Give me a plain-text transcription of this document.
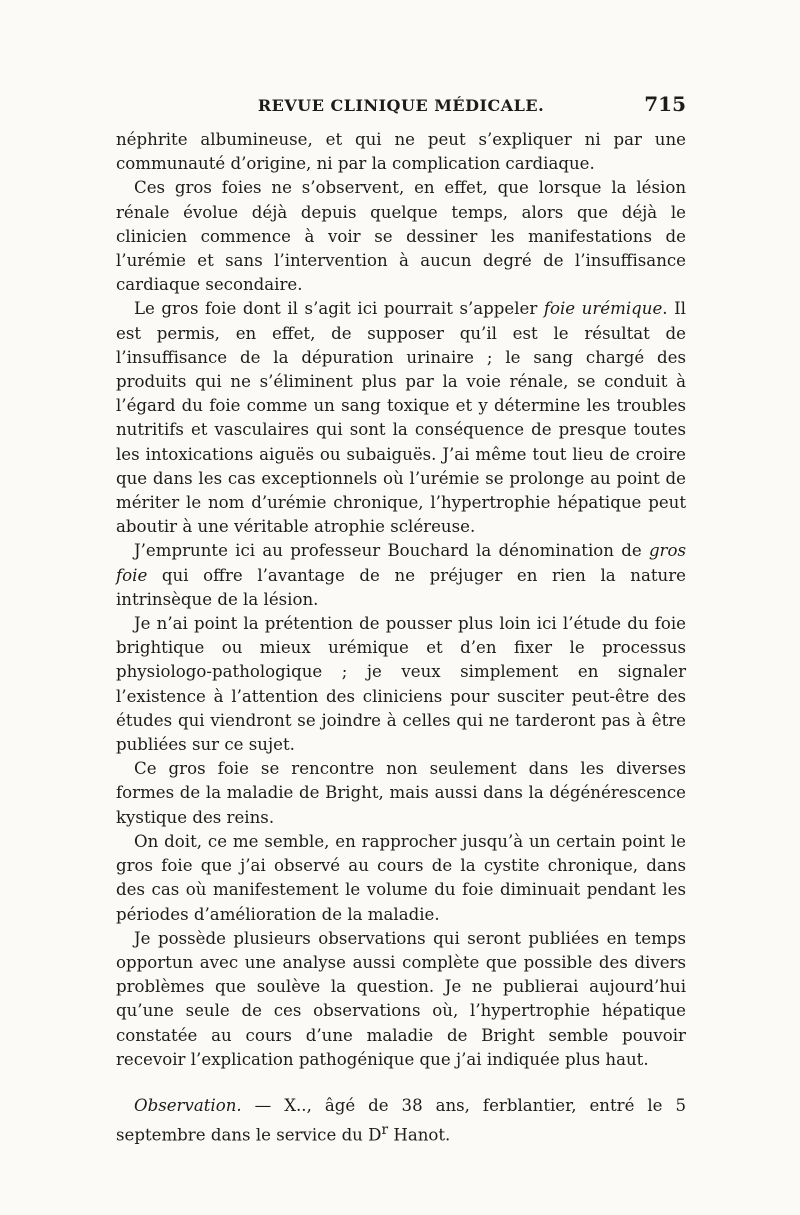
REVUE CLINIQUE MÉDICALE.	715

néphrite albumineuse, et qui ne peut s’expliquer ni par une communauté d’origine, ni par la complication cardiaque.

Ces gros foies ne s’observent, en effet, que lorsque la lésion rénale évolue déjà depuis quelque temps, alors que déjà le clinicien commence à voir se dessiner les manifestations de l’urémie et sans l’intervention à aucun degré de l’insuffisance cardiaque secondaire.

Le gros foie dont il s’agit ici pourrait s’appeler foie urémique. Il est permis, en effet, de supposer qu’il est le résultat de l’insuffisance de la dépuration urinaire ; le sang chargé des produits qui ne s’éliminent plus par la voie rénale, se conduit à l’égard du foie comme un sang toxique et y détermine les troubles nutritifs et vasculaires qui sont la conséquence de presque toutes les intoxications aiguës ou subaiguës. J’ai même tout lieu de croire que dans les cas exceptionnels où l’urémie se prolonge au point de mériter le nom d’urémie chronique, l’hypertrophie hépatique peut aboutir à une véritable atrophie scléreuse.

J’emprunte ici au professeur Bouchard la dénomination de gros foie qui offre l’avantage de ne préjuger en rien la nature intrinsèque de la lésion.

Je n’ai point la prétention de pousser plus loin ici l’étude du foie brightique ou mieux urémique et d’en fixer le processus physiologo-pathologique ; je veux simplement en signaler l’existence à l’attention des cliniciens pour susciter peut-être des études qui viendront se joindre à celles qui ne tarderont pas à être publiées sur ce sujet.

Ce gros foie se rencontre non seulement dans les diverses formes de la maladie de Bright, mais aussi dans la dégénérescence kystique des reins.

On doit, ce me semble, en rapprocher jusqu’à un certain point le gros foie que j’ai observé au cours de la cystite chronique, dans des cas où manifestement le volume du foie diminuait pendant les périodes d’amélioration de la maladie.

Je possède plusieurs observations qui seront publiées en temps opportun avec une analyse aussi complète que possible des divers problèmes que soulève la question. Je ne publierai aujourd’hui qu’une seule de ces observations où, l’hypertrophie hépatique constatée au cours d’une maladie de Bright semble pouvoir recevoir l’explication pathogénique que j’ai indiquée plus haut.

Observation. — X.., âgé de 38 ans, ferblantier, entré le 5 septembre dans le service du $D^r$ Hanot.
